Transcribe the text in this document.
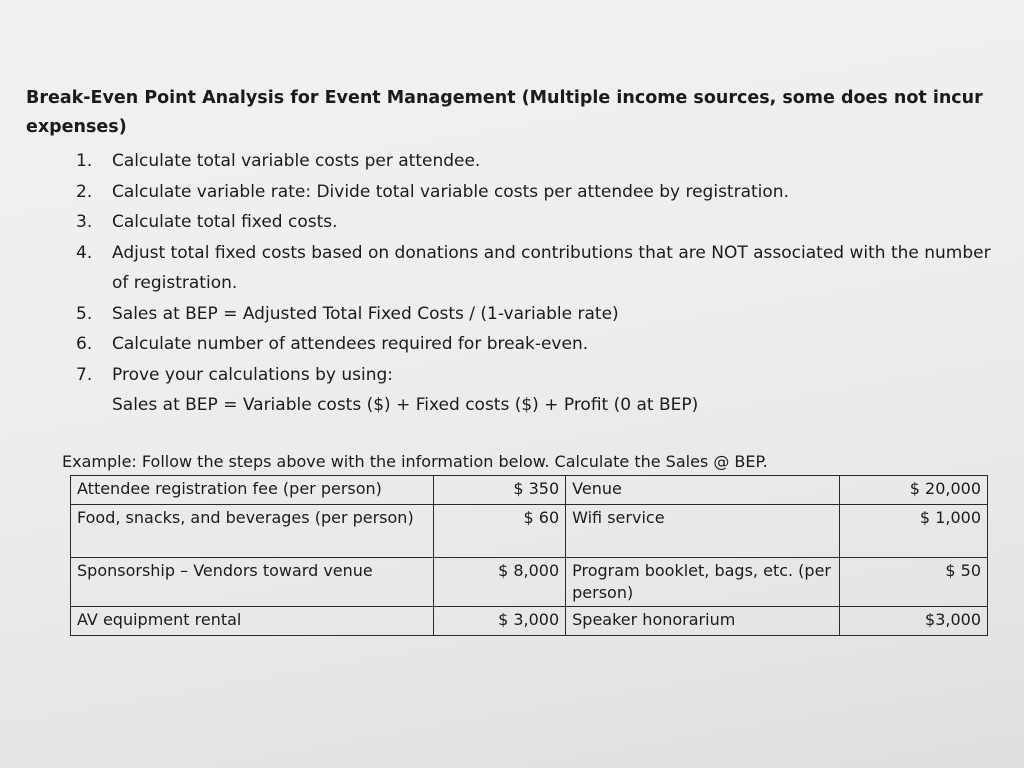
Break-Even Point Analysis for Event Management (Multiple income sources, some does not incur expenses)
1.	Calculate total variable costs per attendee.
2.	Calculate variable rate: Divide total variable costs per attendee by registration.
3.	Calculate total fixed costs.
4.	Adjust total fixed costs based on donations and contributions that are NOT associated with the number of registration.
5.	Sales at BEP = Adjusted Total Fixed Costs / (1-variable rate)
6.	Calculate number of attendees required for break-even.
7.	Prove your calculations by using:
Sales at BEP = Variable costs ($) + Fixed costs ($) + Profit (0 at BEP)
Example: Follow the steps above with the information below. Calculate the Sales @ BEP.
Attendee registration fee (per person)	$ 350	Venue	$ 20,000
Food, snacks, and beverages (per person)	$ 60	Wifi service	$ 1,000
Sponsorship – Vendors toward venue	$ 8,000	Program booklet, bags, etc. (per person)	$ 50
AV equipment rental	$ 3,000	Speaker honorarium	$3,000
